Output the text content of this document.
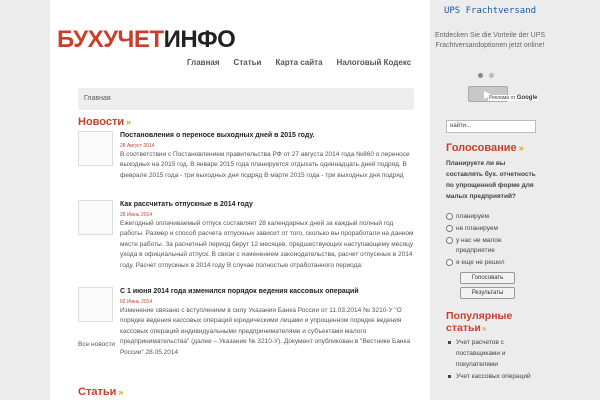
БУХУЧЕТИНФО
Главная	Статьи	Карта сайта	Налоговый Кодекс
Главная
Новости »
Постановления о переносе выходных дней в 2015 году.
28 Август 2014
В соответствии с Постановлением правительства РФ от 27 августа 2014 года №860 о переносе выходных на 2015 год. В январе 2015 года планируется отдыхать одиннадцать дней подряд. В феврале 2015 года - три выходных дня подряд В марте 2015 года - три выходных дня подряд
Как рассчитать отпускные в 2014 году
28 Июнь 2014
Ежегодный оплачиваемый отпуск составляет 28 календарных дней за каждый полный год работы. Размер и способ расчета отпускных зависит от того, сколько вы проработали на данном месте работы. За расчетный период берут 12 месяцев, предшествующих наступающему месяцу ухода в официальный отпуск. В связи с изменением законодательства, расчет отпускных в 2014 году. Расчет отпускных в 2014 году В случае полностью отработанного периода:
С 1 июня 2014 года изменился порядок ведения кассовых операций
02 Июнь 2014
Изменение связано с вступлением в силу Указания Банка России от 11.03.2014 № 3210-У "О порядке ведения кассовых операций юридическими лицами и упрощенном порядке ведения кассовых операций индивидуальными предпринимателями и субъектами малого предпринимательства" (далее – Указание № 3210-У). Документ опубликован в "Вестнике Банка России" 28.05.2014
Все новости
Статьи »
UPS Frachtversand
Entdecken Sie die Vorteile der UPS Frachtversandoptionen jetzt online!
Реклама от Google
найти...
Голосование »
Планируете ли вы составлять бух. отчетность по упрощенной форме для малых предприятий?
планируем
не планируем
у нас не малое предприятие
я еще не решил
Голосовать
Результаты
Популярные статьи»
Учет расчетов с поставщиками и покупателями
Учет кассовых операций
